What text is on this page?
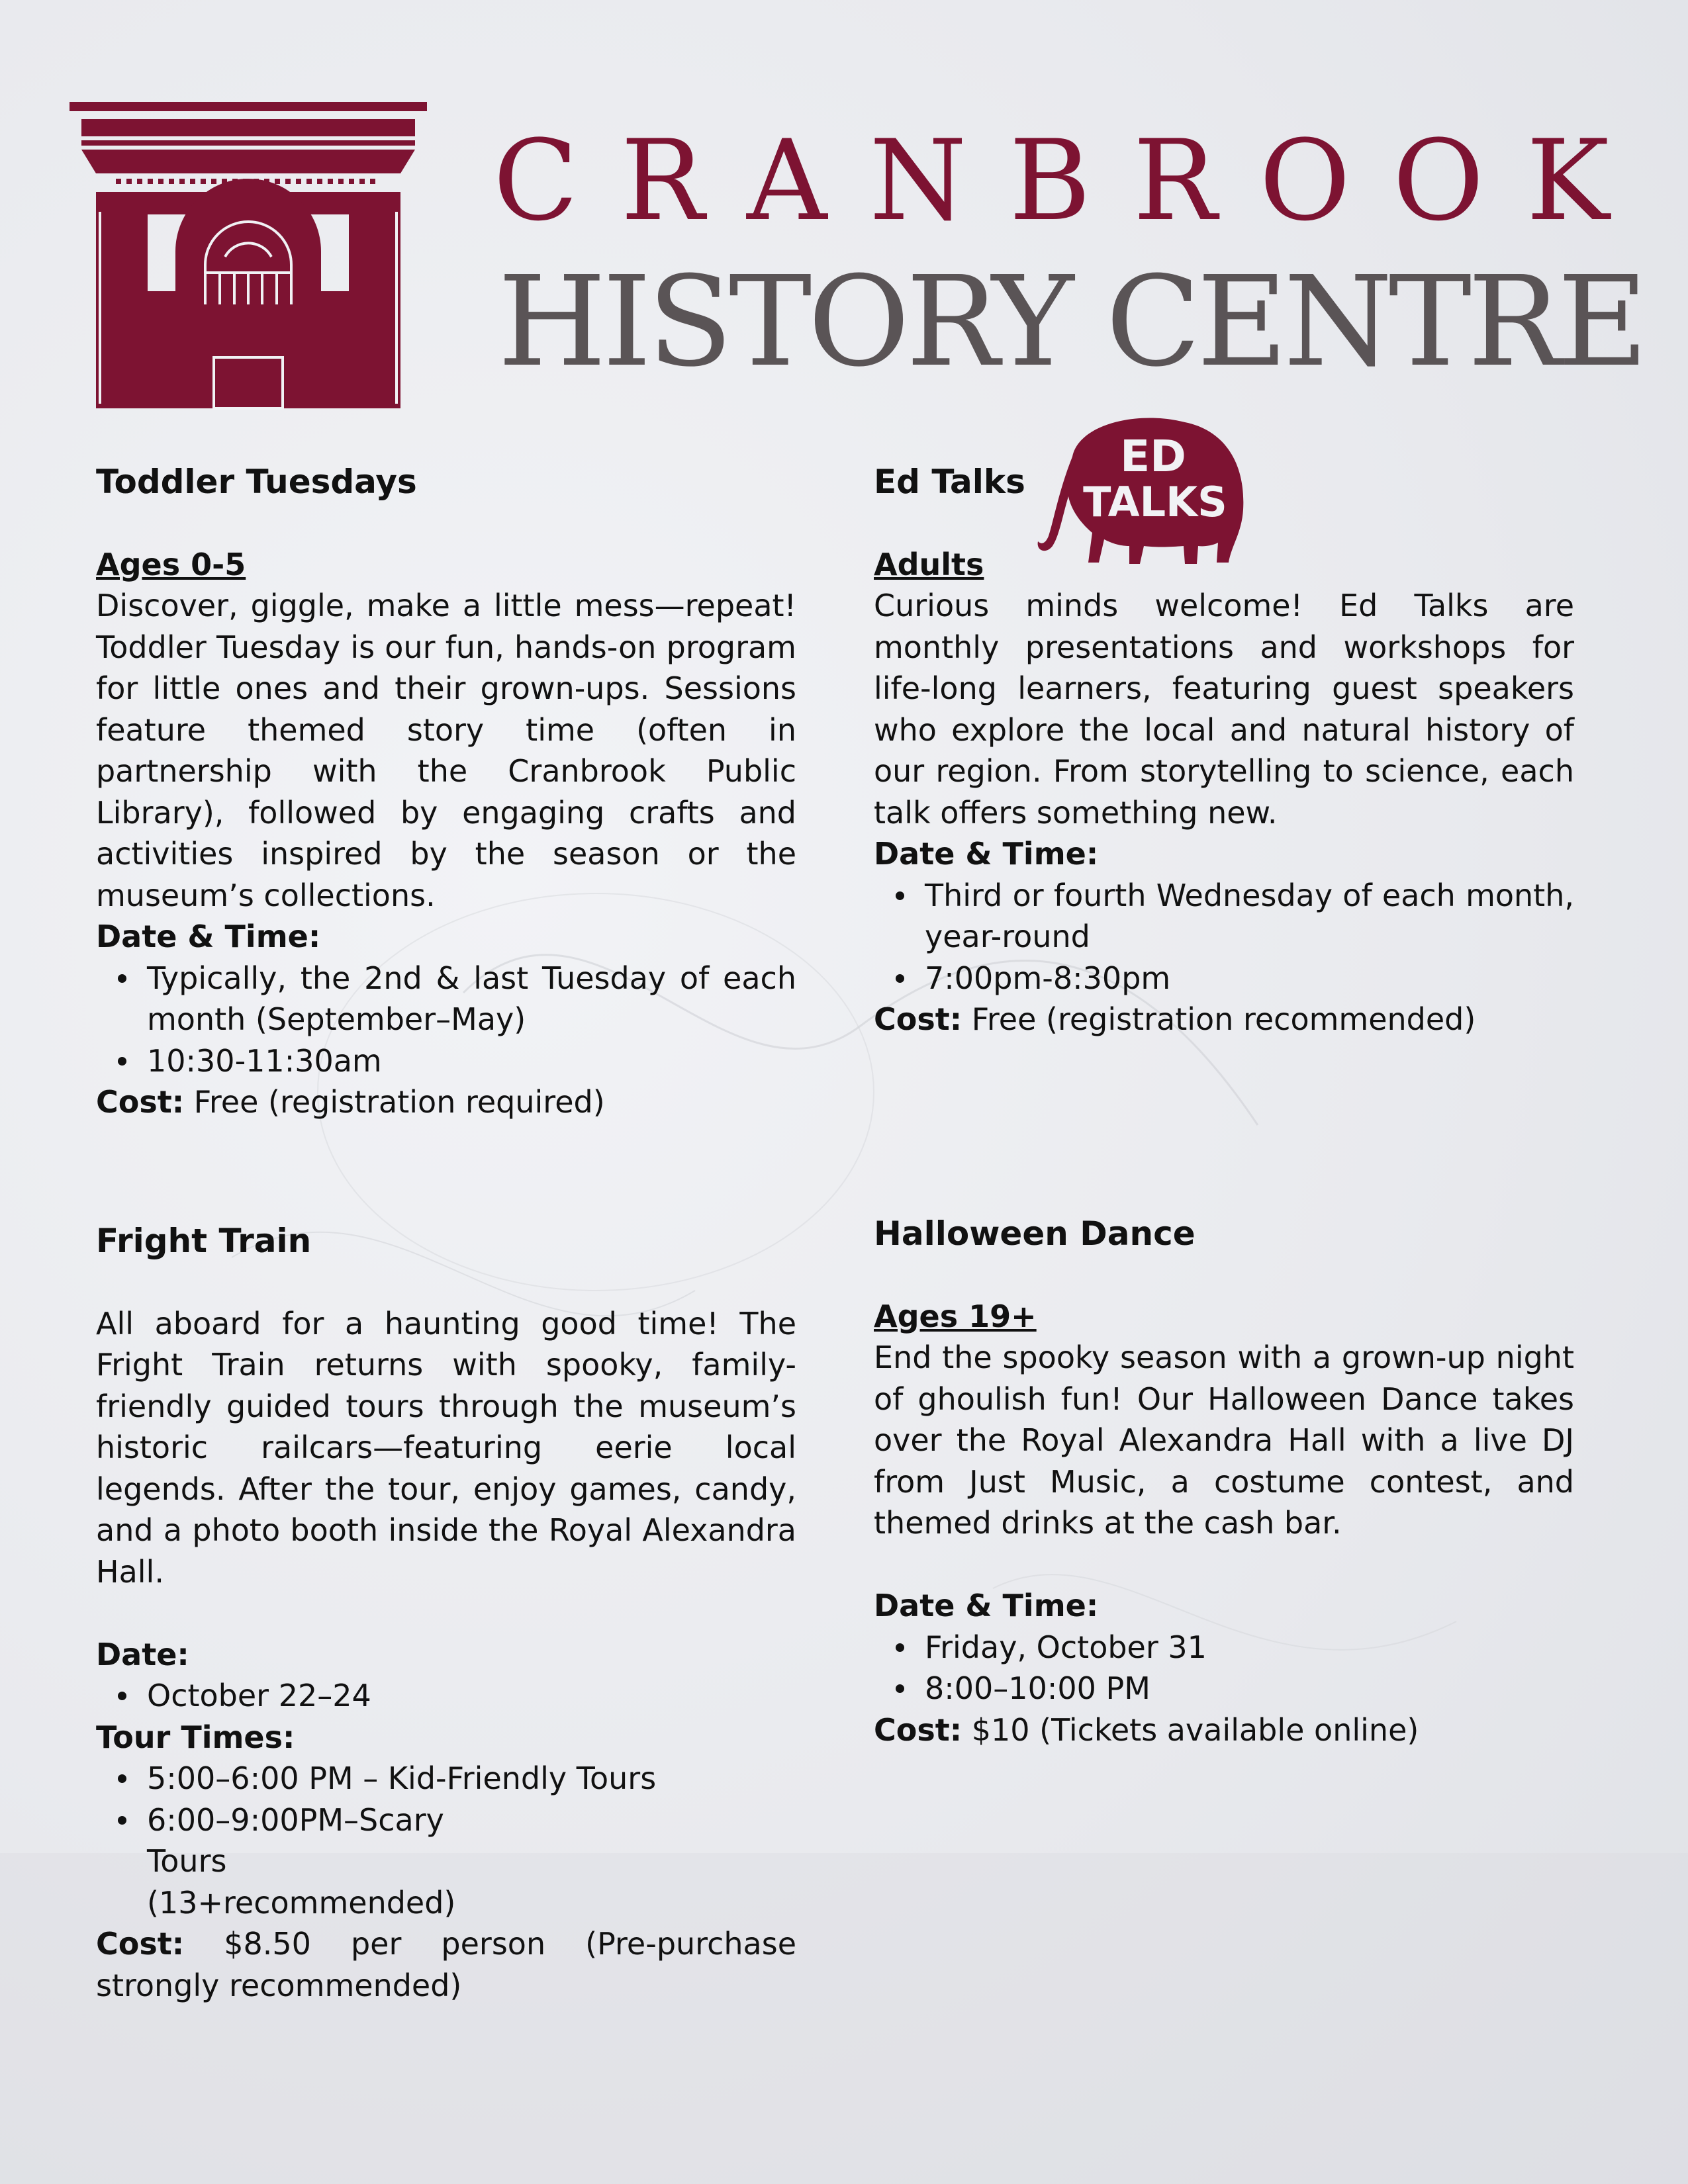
CRANBROOK
HISTORY CENTRE
Toddler Tuesdays
Ages 0-5
Discover, giggle, make a little mess—repeat! Toddler Tuesday is our fun, hands-on program for little ones and their grown-ups. Sessions feature themed story time (often in partnership with the Cranbrook Public Library), followed by engaging crafts and activities inspired by the season or the museum’s collections.
Date & Time:
Typically, the 2nd & last Tuesday of each month (September–May)
10:30-11:30am
Cost: Free (registration required)
Ed Talks
Adults
Curious minds welcome! Ed Talks are monthly presentations and workshops for life-long learners, featuring guest speakers who explore the local and natural history of our region. From storytelling to science, each talk offers something new.
Date & Time:
Third or fourth Wednesday of each month, year-round
7:00pm-8:30pm
Cost: Free (registration recommended)
ED
TALKS
Fright Train
All aboard for a haunting good time! The Fright Train returns with spooky, family-friendly guided tours through the museum’s historic railcars—featuring eerie local legends. After the tour, enjoy games, candy, and a photo booth inside the Royal Alexandra Hall.
Date:
October 22–24
Tour Times:
5:00–6:00 PM – Kid-Friendly Tours
6:00–9:00PM–Scary Tours (13+recommended)
Cost: $8.50 per person (Pre-purchase strongly recommended)
Halloween Dance
Ages 19+
End the spooky season with a grown-up night of ghoulish fun! Our Halloween Dance takes over the Royal Alexandra Hall with a live DJ from Just Music, a costume contest, and themed drinks at the cash bar.
Date & Time:
Friday, October 31
8:00–10:00 PM
Cost: $10 (Tickets available online)
